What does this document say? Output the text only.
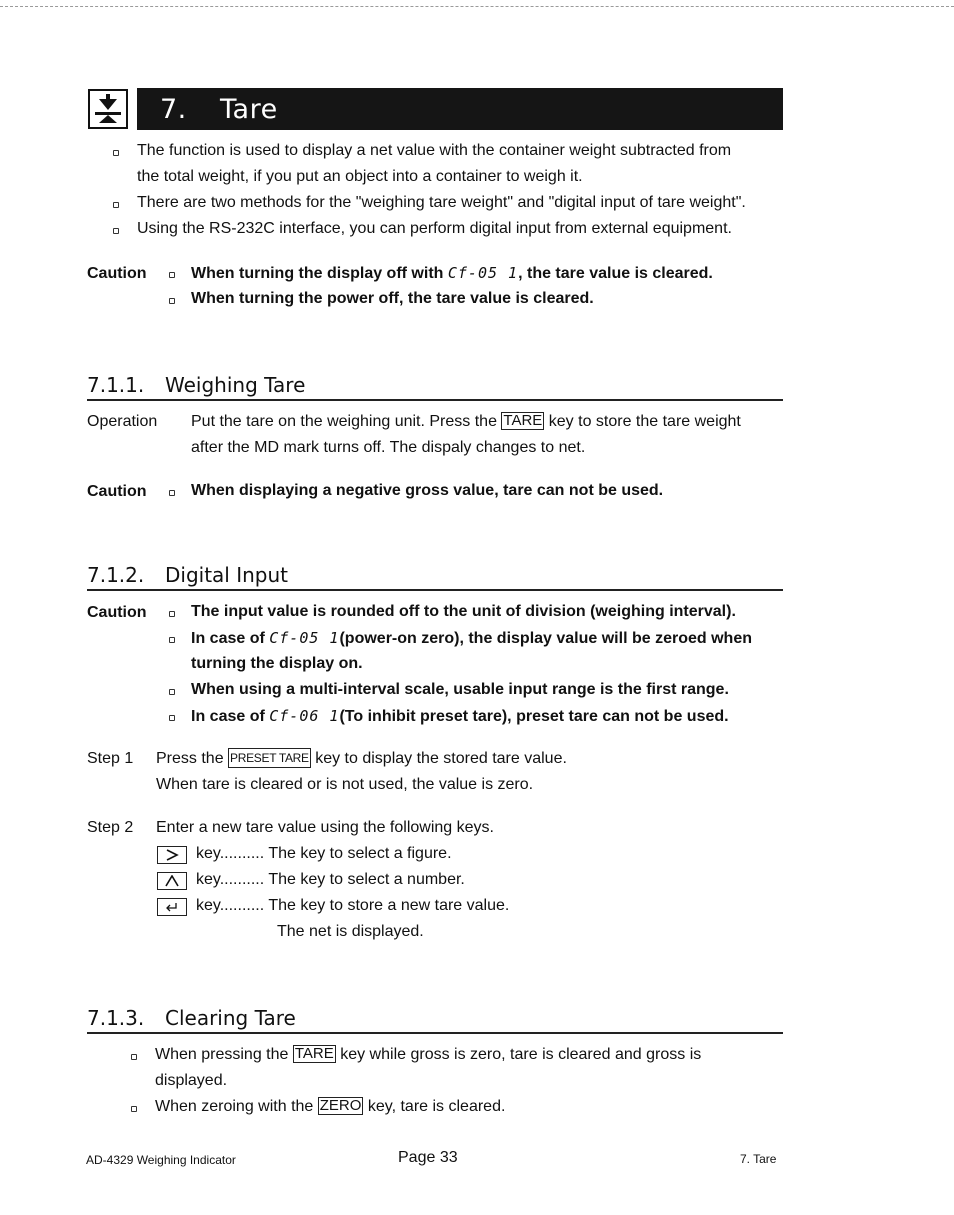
7. Tare
The function is used to display a net value with the container weight subtracted from
the total weight, if you put an object into a container to weigh it.
There are two methods for the "weighing tare weight" and "digital input of tare weight".
Using the RS-232C interface, you can perform digital input from external equipment.
Caution	When turning the display off with Cf-05 1, the tare value is cleared.
When turning the power off, the tare value is cleared.
7.1.1. Weighing Tare
Operation Put the tare on the weighing unit. Press the TARE key to store the tare weight
after the MD mark turns off. The dispaly changes to net.
Caution	When displaying a negative gross value, tare can not be used.
7.1.2. Digital Input
Caution	The input value is rounded off to the unit of division (weighing interval).
In case of Cf-05 1(power-on zero), the display value will be zeroed when
turning the display on.
When using a multi-interval scale, usable input range is the first range.
In case of Cf-06 1(To inhibit preset tare), preset tare can not be used.
Step 1 Press the PRESET TARE key to display the stored tare value.
When tare is cleared or is not used, the value is zero.
Step 2 Enter a new tare value using the following keys.
key.......... The key to select a figure.
key.......... The key to select a number.
key.......... The key to store a new tare value.
The net is displayed.
7.1.3. Clearing Tare
When pressing the TARE key while gross is zero, tare is cleared and gross is
displayed.
When zeroing with the ZERO key, tare is cleared.
AD-4329 Weighing Indicator	Page 33	7. Tare
